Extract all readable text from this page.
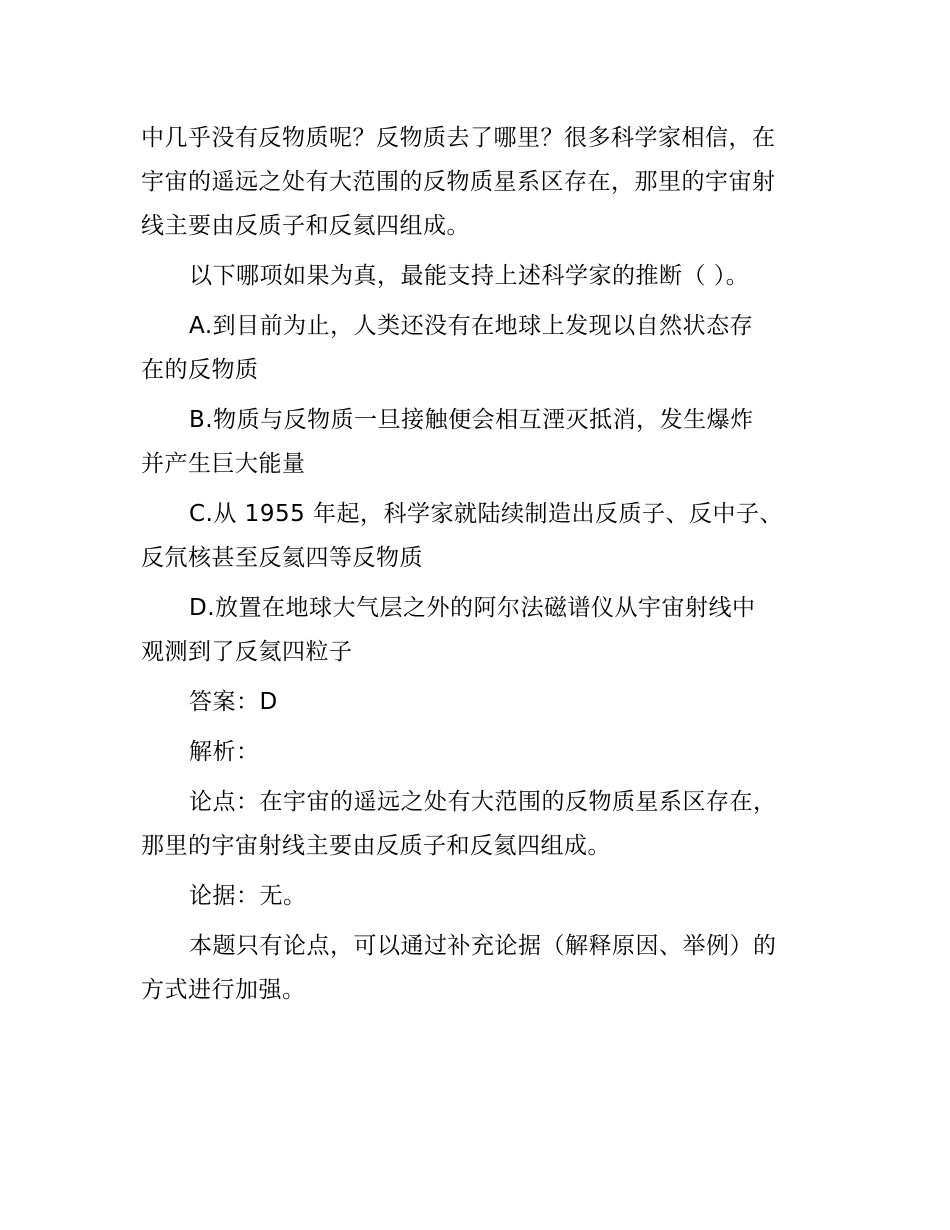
中几乎没有反物质呢？反物质去了哪里？很多科学家相信，在
宇宙的遥远之处有大范围的反物质星系区存在，那里的宇宙射
线主要由反质子和反氦四组成。

以下哪项如果为真，最能支持上述科学家的推断（ ）。

A.到目前为止，人类还没有在地球上发现以自然状态存
在的反物质

B.物质与反物质一旦接触便会相互湮灭抵消，发生爆炸
并产生巨大能量

C.从 1955 年起，科学家就陆续制造出反质子、反中子、
反氘核甚至反氦四等反物质

D.放置在地球大气层之外的阿尔法磁谱仪从宇宙射线中
观测到了反氦四粒子

答案：D

解析：

论点：在宇宙的遥远之处有大范围的反物质星系区存在，
那里的宇宙射线主要由反质子和反氦四组成。

论据：无。

本题只有论点，可以通过补充论据（解释原因、举例）的
方式进行加强。
